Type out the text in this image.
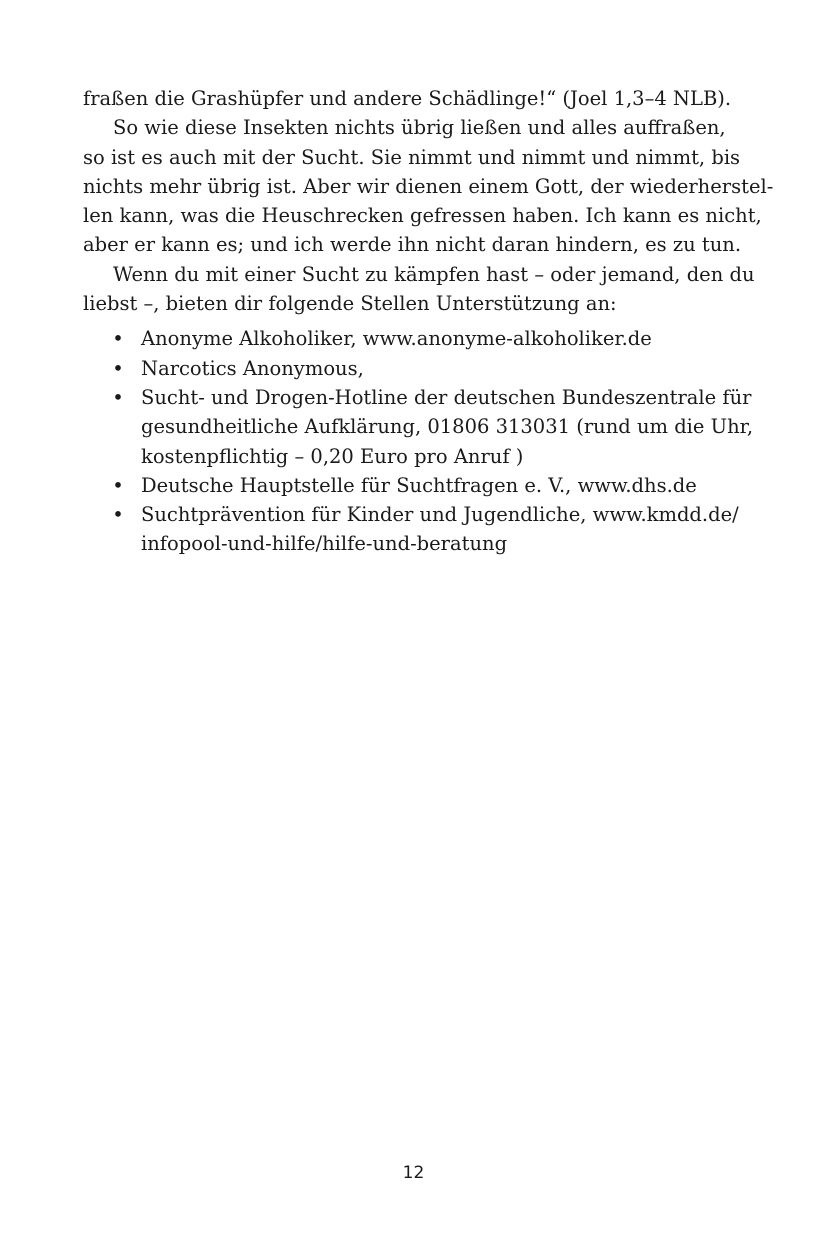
fraßen die Grashüpfer und andere Schädlinge!“ (Joel 1,3–4 NLB).

So wie diese Insekten nichts übrig ließen und alles auffraßen,
so ist es auch mit der Sucht. Sie nimmt und nimmt und nimmt, bis
nichts mehr übrig ist. Aber wir dienen einem Gott, der wiederherstel-
len kann, was die Heuschrecken gefressen haben. Ich kann es nicht,
aber er kann es; und ich werde ihn nicht daran hindern, es zu tun.

Wenn du mit einer Sucht zu kämpfen hast – oder jemand, den du
liebst –, bieten dir folgende Stellen Unterstützung an:

• Anonyme Alkoholiker, www.anonyme-alkoholiker.de
• Narcotics Anonymous,
• Sucht- und Drogen-Hotline der deutschen Bundeszentrale für
gesundheitliche Aufklärung, 01806 313031 (rund um die Uhr,
kostenpflichtig – 0,20 Euro pro Anruf )
• Deutsche Hauptstelle für Suchtfragen e. V., www.dhs.de
• Suchtprävention für Kinder und Jugendliche, www.kmdd.de/
infopool-und-hilfe/hilfe-und-beratung
12
